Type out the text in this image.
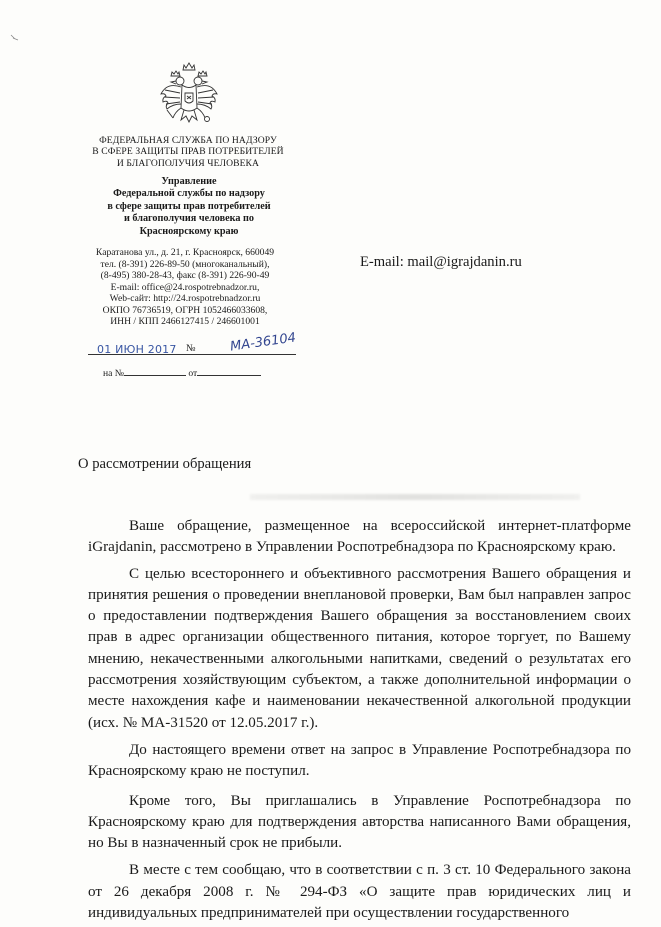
ФЕДЕРАЛЬНАЯ СЛУЖБА ПО НАДЗОРУ
В СФЕРЕ ЗАЩИТЫ ПРАВ ПОТРЕБИТЕЛЕЙ
И БЛАГОПОЛУЧИЯ ЧЕЛОВЕКА
Управление
Федеральной службы по надзору
в сфере защиты прав потребителей
и благополучия человека по
Красноярскому краю
Каратанова ул., д. 21, г. Красноярск, 660049
тел. (8-391) 226-89-50 (многоканальный),
(8-495) 380-28-43, факс (8-391) 226-90-49
E-mail: office@24.rospotrebnadzor.ru,
Web-сайт: http://24.rospotrebnadzor.ru
ОКПО 76736519, ОГРН 1052466033608,
ИНН / КПП 2466127415 / 246601001
01 ИЮН 2017 №	МА-36104
на №	от
E-mail: mail@igrajdanin.ru
О рассмотрении обращения

Ваше обращение, размещенное на всероссийской интернет-платформе iGrajdanin, рассмотрено в Управлении Роспотребнадзора по Красноярскому краю.

С целью всестороннего и объективного рассмотрения Вашего обращения и принятия решения о проведении внеплановой проверки, Вам был направлен запрос о предоставлении подтверждения Вашего обращения за восстановлением своих прав в адрес организации общественного питания, которое торгует, по Вашему мнению, некачественными алкогольными напитками, сведений о результатах его рассмотрения хозяйствующим субъектом, а также дополнительной информации о месте нахождения кафе и наименовании некачественной алкогольной продукции (исх. № МА-31520 от 12.05.2017 г.).

До настоящего времени ответ на запрос в Управление Роспотребнадзора по Красноярскому краю не поступил.

Кроме того, Вы приглашались в Управление Роспотребнадзора по Красноярскому краю для подтверждения авторства написанного Вами обращения, но Вы в назначенный срок не прибыли.

В месте с тем сообщаю, что в соответствии с п. 3 ст. 10 Федерального закона от 26 декабря 2008 г. № 294-ФЗ «О защите прав юридических лиц и индивидуальных предпринимателей при осуществлении государственного
